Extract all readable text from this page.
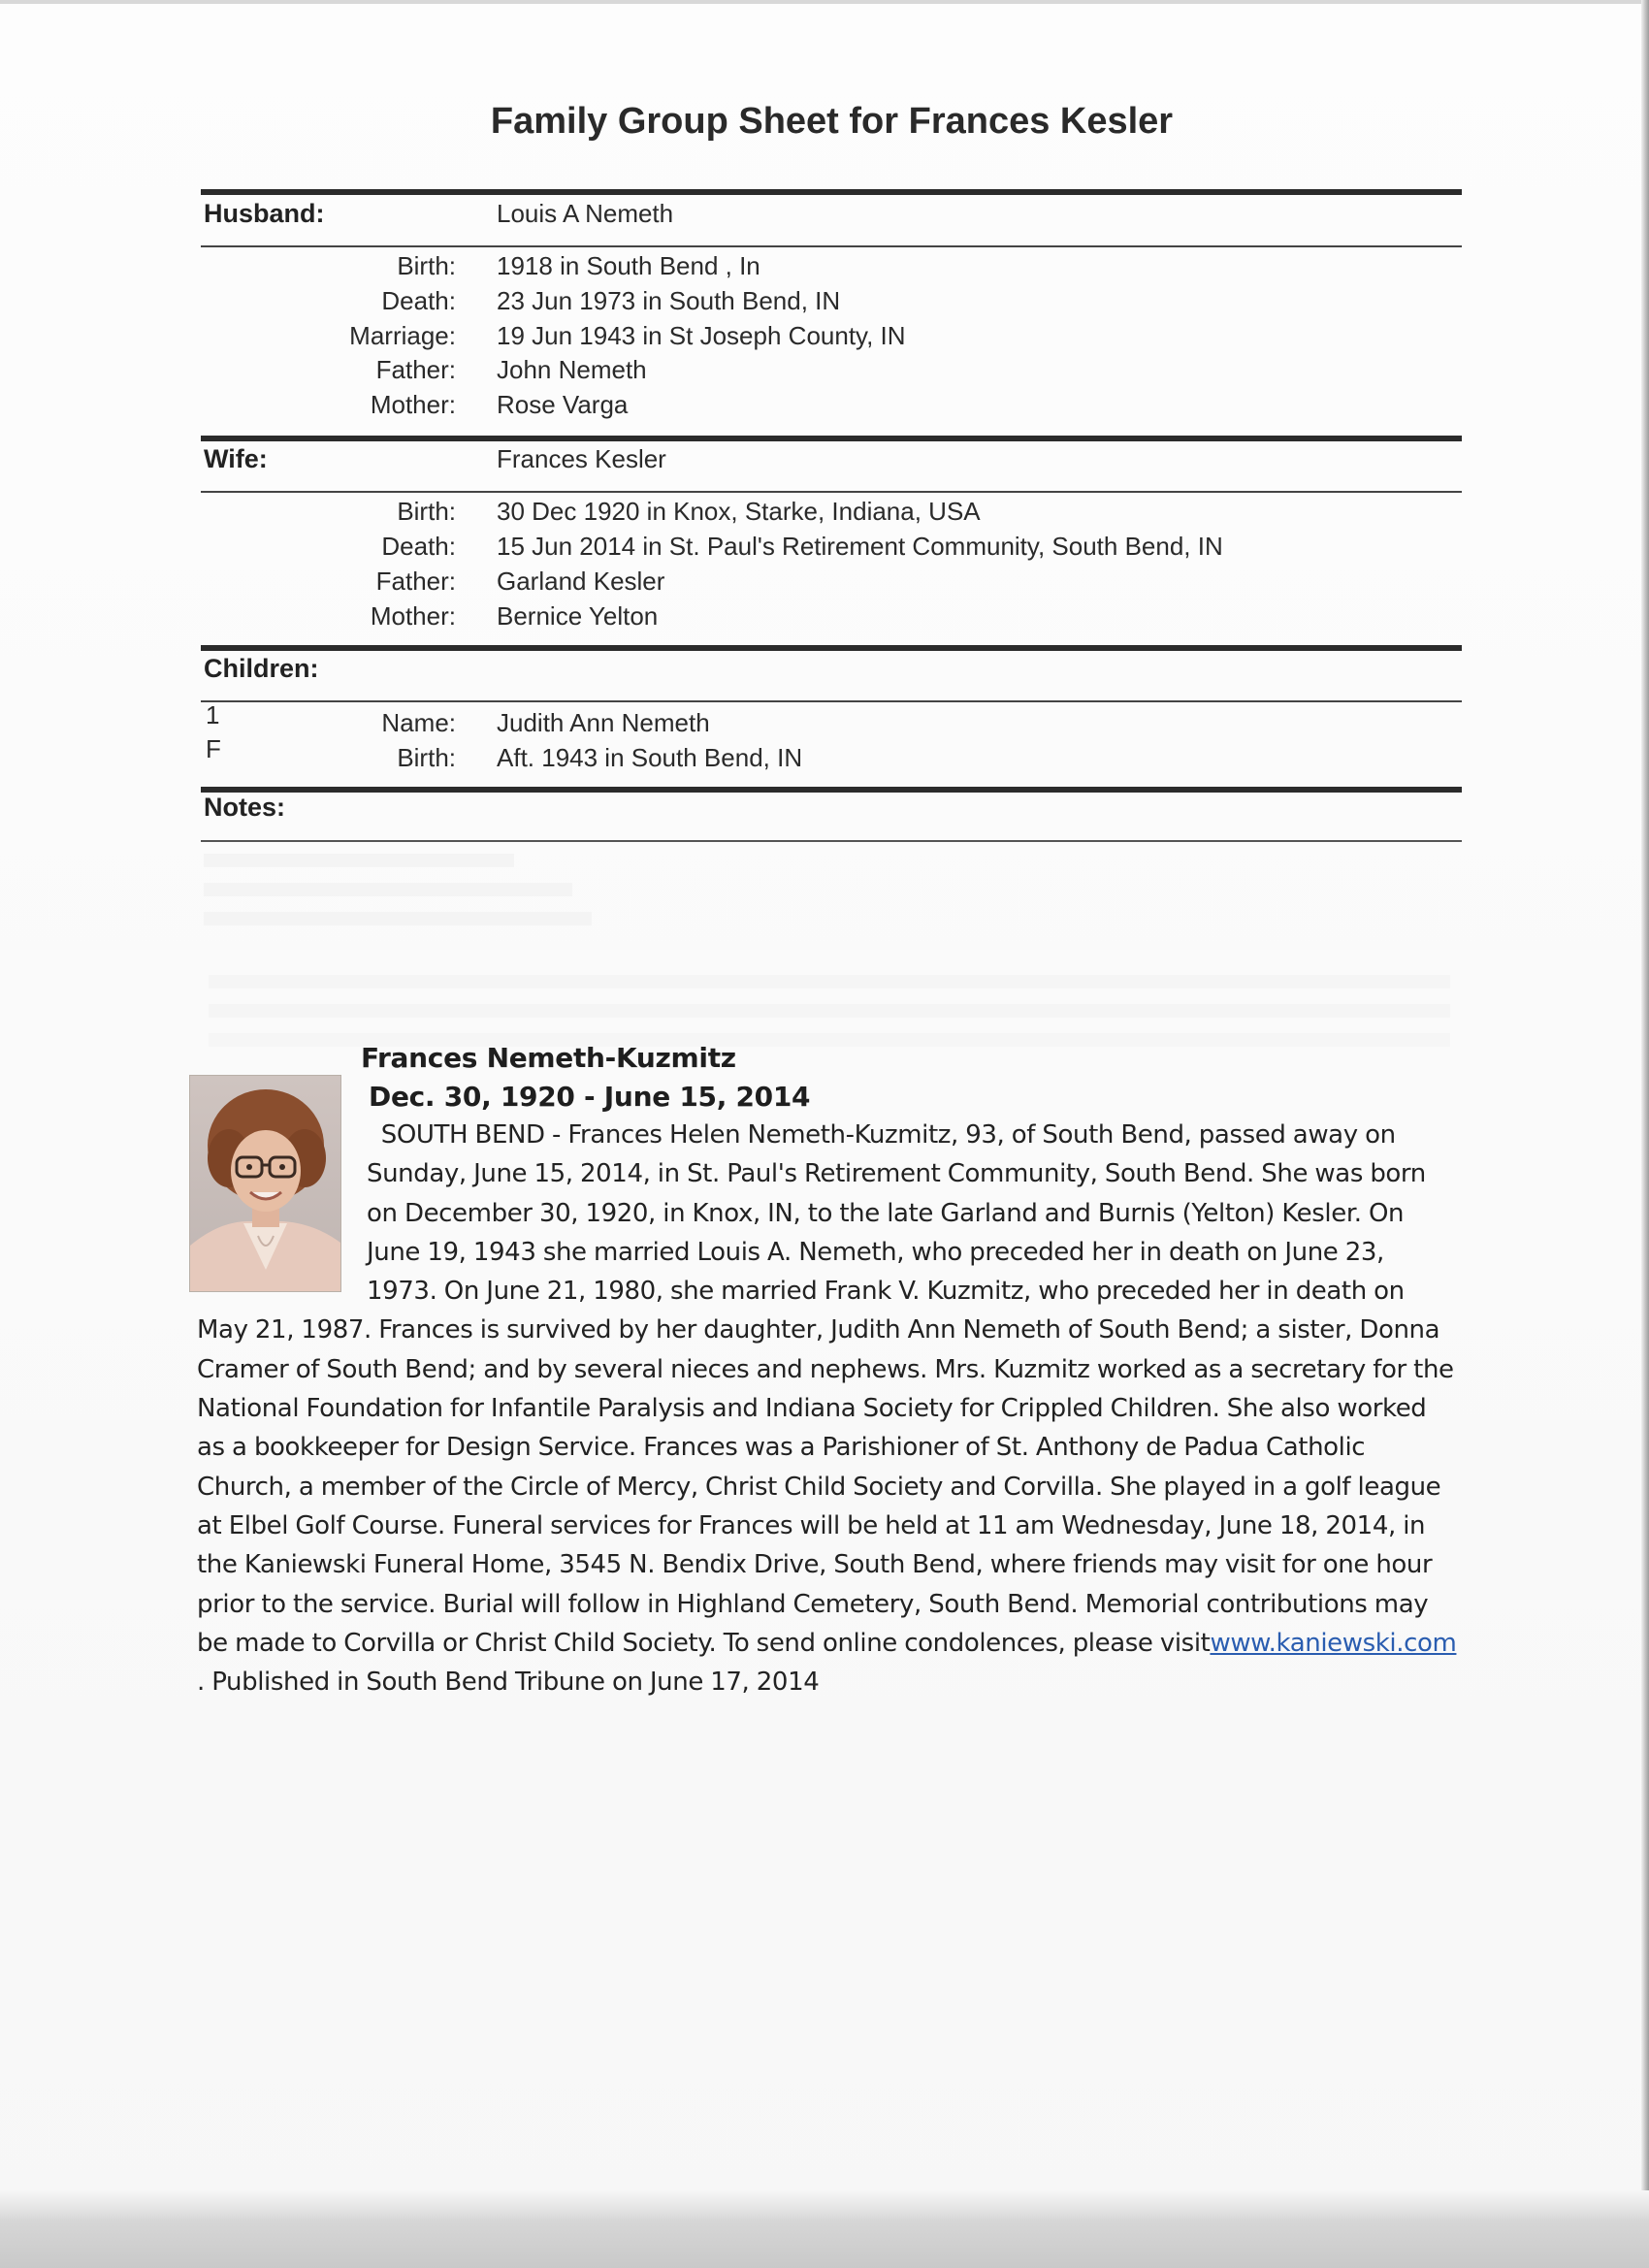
Family Group Sheet for Frances Kesler
Husband:	Louis A Nemeth
Birth: 1918 in South Bend , In
Death: 23 Jun 1973 in South Bend, IN
Marriage: 19 Jun 1943 in St Joseph County, IN
Father: John Nemeth
Mother: Rose Varga
Wife:	Frances Kesler
Birth: 30 Dec 1920 in Knox, Starke, Indiana, USA
Death: 15 Jun 2014 in St. Paul's Retirement Community, South Bend, IN
Father: Garland Kesler
Mother: Bernice Yelton
Children:
1
F
Name: Judith Ann Nemeth
Birth: Aft. 1943 in South Bend, IN
Notes:
Frances Nemeth-Kuzmitz
Dec. 30, 1920 - June 15, 2014
SOUTH BEND - Frances Helen Nemeth-Kuzmitz, 93, of South Bend, passed away on Sunday, June 15, 2014, in St. Paul's Retirement Community, South Bend. She was born on December 30, 1920, in Knox, IN, to the late Garland and Burnis (Yelton) Kesler. On June 19, 1943 she married Louis A. Nemeth, who preceded her in death on June 23, 1973. On June 21, 1980, she married Frank V. Kuzmitz, who preceded her in death on May 21, 1987. Frances is survived by her daughter, Judith Ann Nemeth of South Bend; a sister, Donna Cramer of South Bend; and by several nieces and nephews. Mrs. Kuzmitz worked as a secretary for the National Foundation for Infantile Paralysis and Indiana Society for Crippled Children. She also worked as a bookkeeper for Design Service. Frances was a Parishioner of St. Anthony de Padua Catholic Church, a member of the Circle of Mercy, Christ Child Society and Corvilla. She played in a golf league at Elbel Golf Course. Funeral services for Frances will be held at 11 am Wednesday, June 18, 2014, in the Kaniewski Funeral Home, 3545 N. Bendix Drive, South Bend, where friends may visit for one hour prior to the service. Burial will follow in Highland Cemetery, South Bend. Memorial contributions may be made to Corvilla or Christ Child Society. To send online condolences, please visitwww.kaniewski.com . Published in South Bend Tribune on June 17, 2014
